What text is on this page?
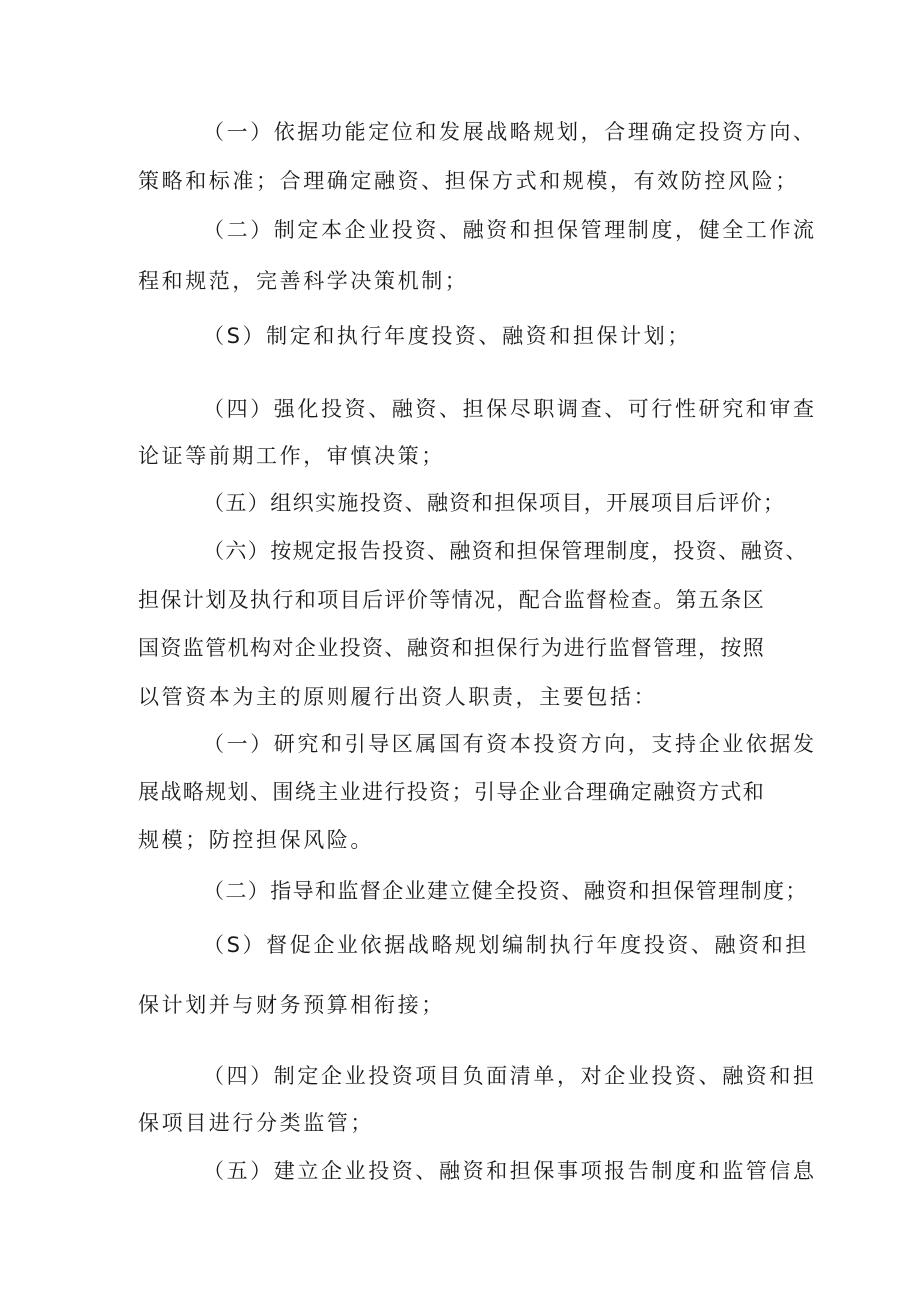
（一）依据功能定位和发展战略规划，合理确定投资方向、
策略和标准；合理确定融资、担保方式和规模，有效防控风险；
（二）制定本企业投资、融资和担保管理制度，健全工作流
程和规范，完善科学决策机制；
（S）制定和执行年度投资、融资和担保计划；
（四）强化投资、融资、担保尽职调查、可行性研究和审查
论证等前期工作，审慎决策；
（五）组织实施投资、融资和担保项目，开展项目后评价；
（六）按规定报告投资、融资和担保管理制度，投资、融资、
担保计划及执行和项目后评价等情况，配合监督检查。第五条区
国资监管机构对企业投资、融资和担保行为进行监督管理，按照
以管资本为主的原则履行出资人职责，主要包括：
（一）研究和引导区属国有资本投资方向，支持企业依据发
展战略规划、围绕主业进行投资；引导企业合理确定融资方式和
规模；防控担保风险。
（二）指导和监督企业建立健全投资、融资和担保管理制度；
（S）督促企业依据战略规划编制执行年度投资、融资和担
保计划并与财务预算相衔接；
（四）制定企业投资项目负面清单，对企业投资、融资和担
保项目进行分类监管；
（五）建立企业投资、融资和担保事项报告制度和监管信息
